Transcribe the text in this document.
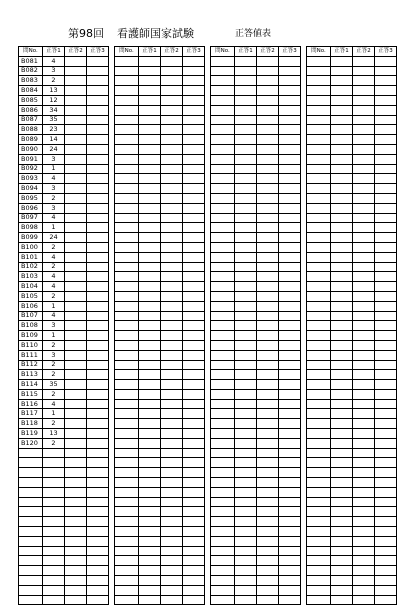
第98回 看護師国家試験	正答値表
問No.	正答1	正答2	正答3
B081	4		
B082	3		
B083	2		
B084	13		
B085	12		
B086	34		
B087	35		
B088	23		
B089	14		
B090	24		
B091	3		
B092	1		
B093	4		
B094	3		
B095	2		
B096	3		
B097	4		
B098	1		
B099	24		
B100	2		
B101	4		
B102	2		
B103	4		
B104	4		
B105	2		
B106	1		
B107	4		
B108	3		
B109	1		
B110	2		
B111	3		
B112	2		
B113	2		
B114	35		
B115	2		
B116	4		
B117	1		
B118	2		
B119	13		
B120	2		

問No.	正答1	正答2	正答3

				問No.	正答1	正答2	正答3

				問No.	正答1	正答2	正答3
